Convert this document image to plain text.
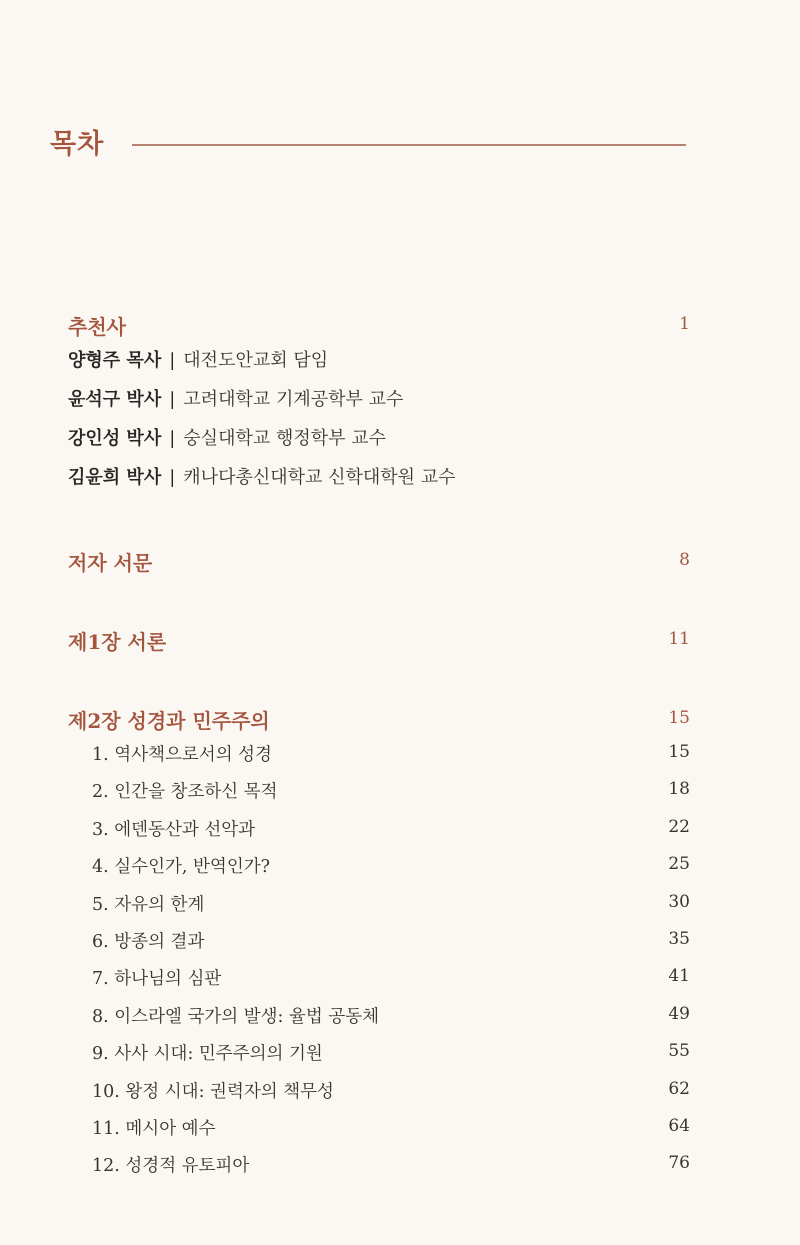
목차
추천사	1
양형주 목사 | 대전도안교회 담임
윤석구 박사 | 고려대학교 기계공학부 교수
강인성 박사 | 숭실대학교 행정학부 교수
김윤희 박사 | 캐나다총신대학교 신학대학원 교수
저자 서문	8
제1장 서론	11
제2장 성경과 민주주의	15
1. 역사책으로서의 성경	15
2. 인간을 창조하신 목적	18
3. 에덴동산과 선악과	22
4. 실수인가, 반역인가?	25
5. 자유의 한계	30
6. 방종의 결과	35
7. 하나님의 심판	41
8. 이스라엘 국가의 발생: 율법 공동체	49
9. 사사 시대: 민주주의의 기원	55
10. 왕정 시대: 권력자의 책무성	62
11. 메시아 예수	64
12. 성경적 유토피아	76
